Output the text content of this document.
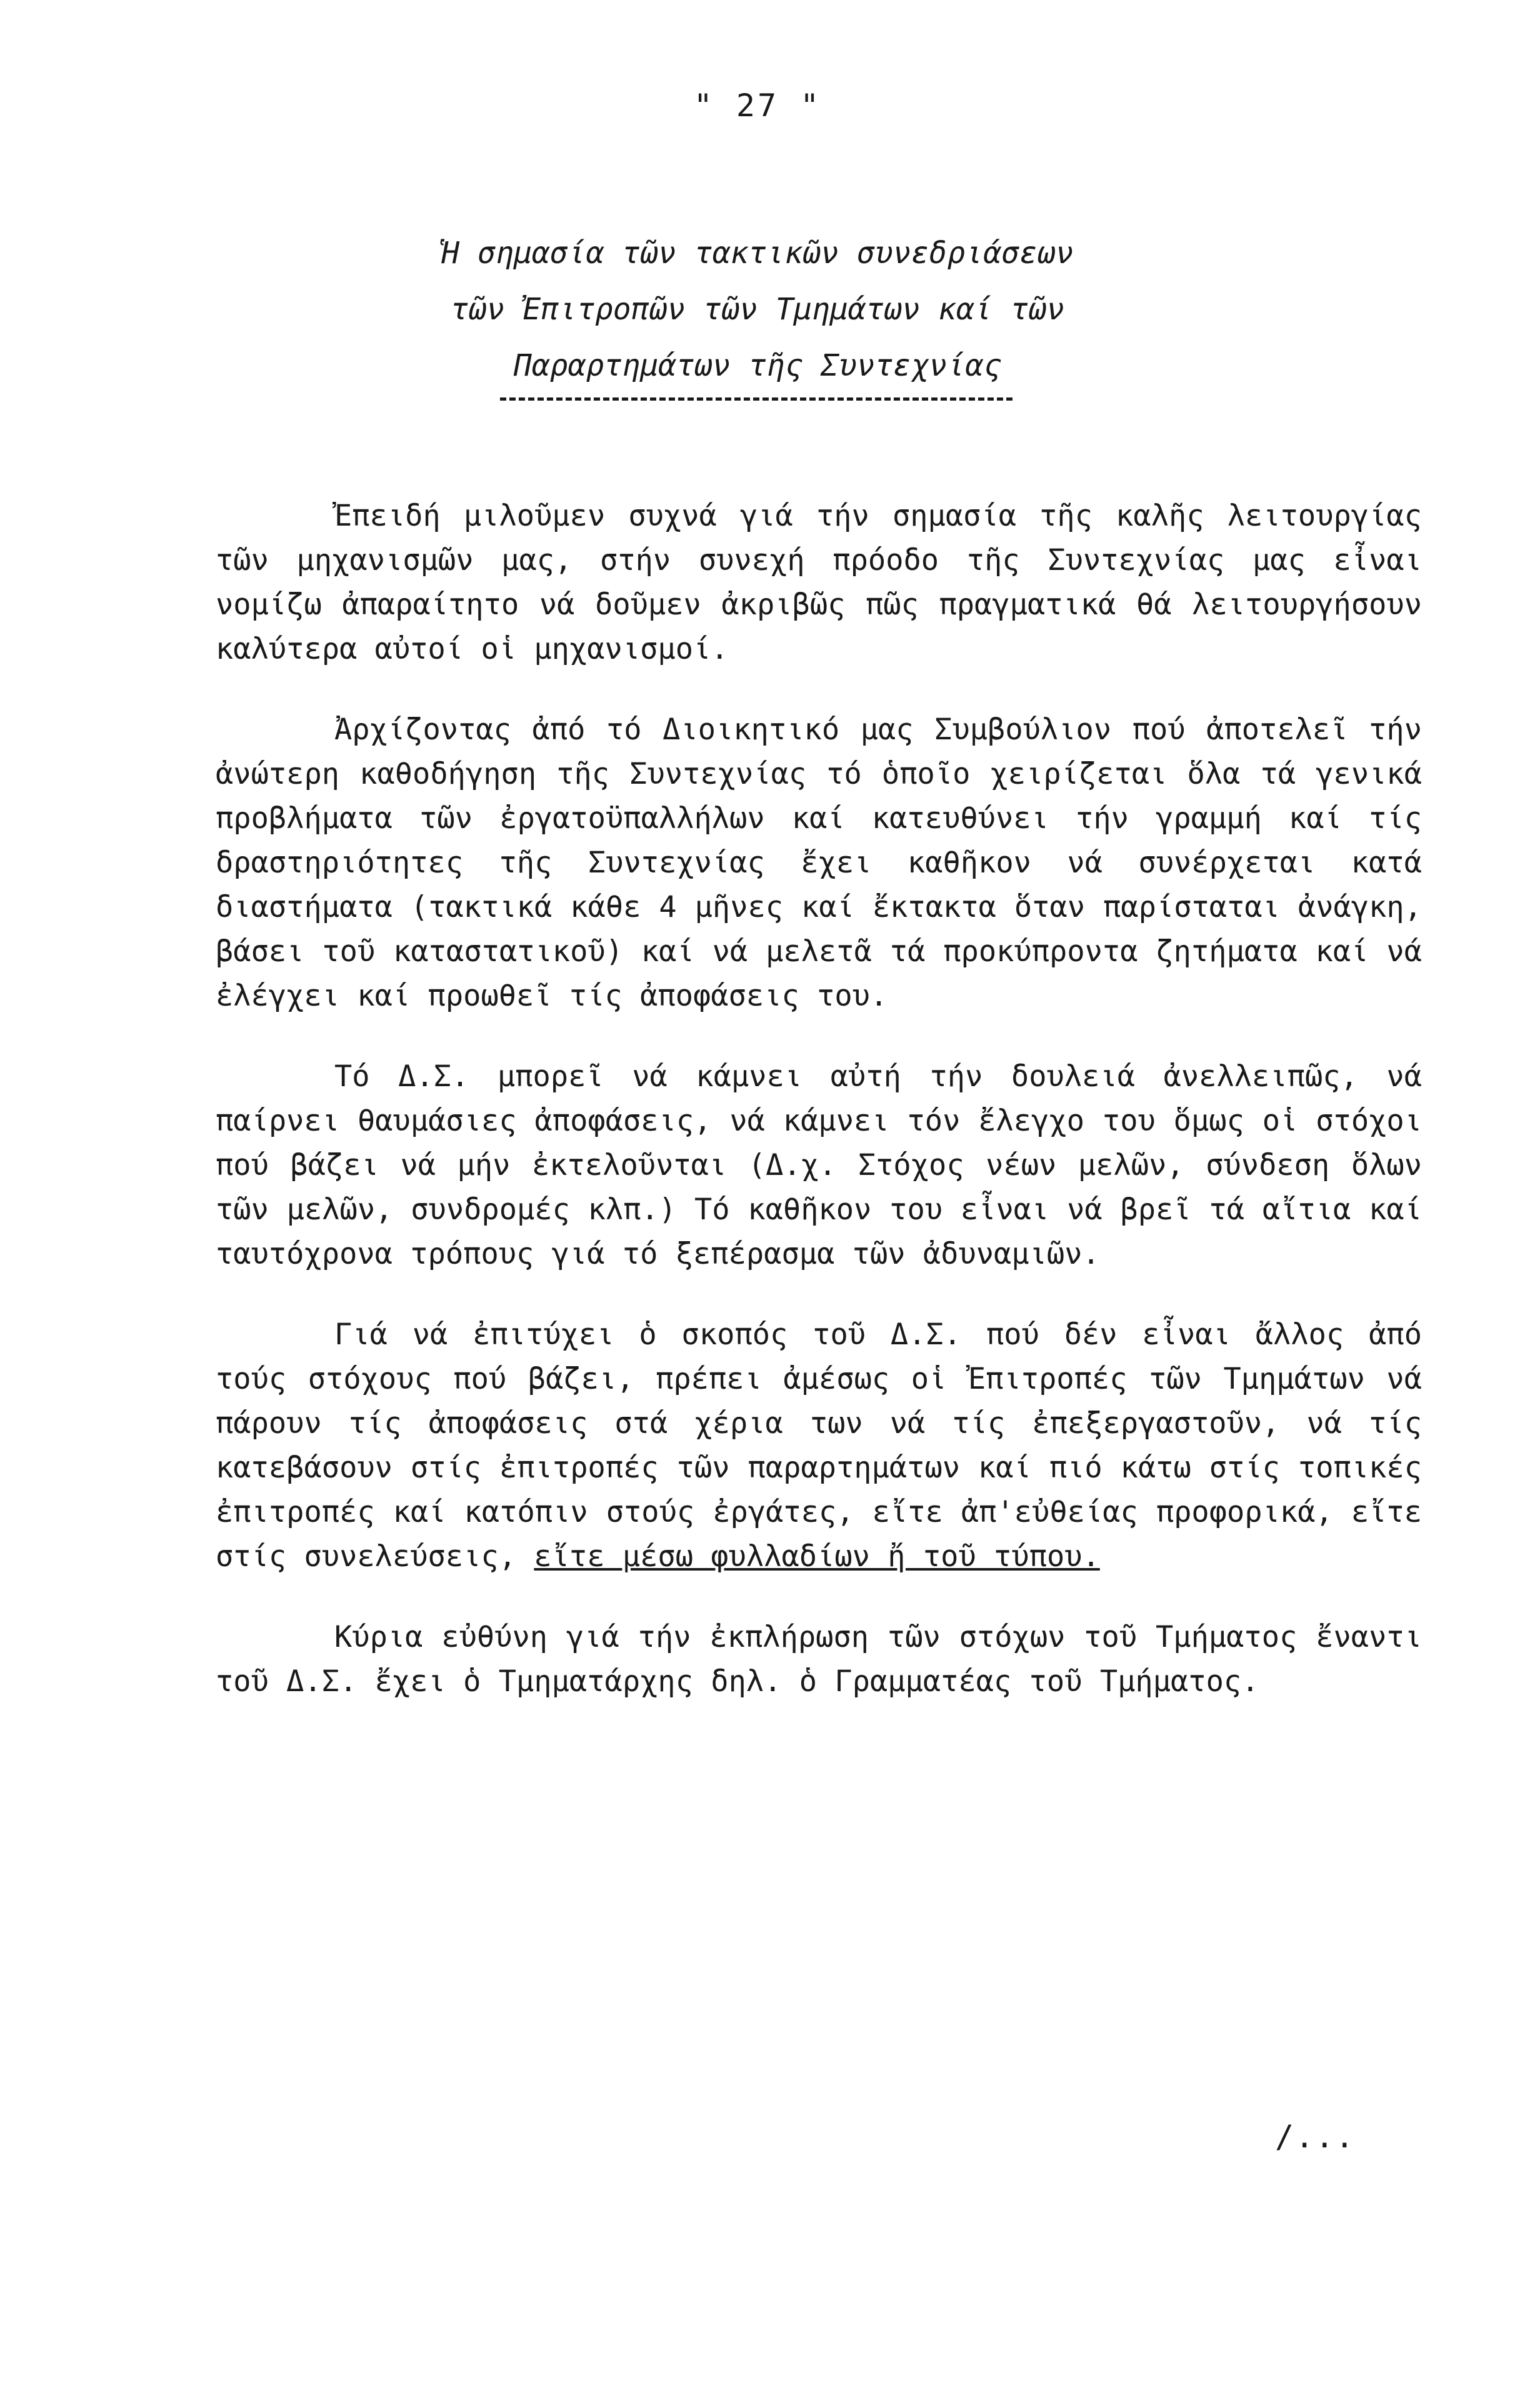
" 27 "
Ἡ σημασία τῶν τακτικῶν συνεδριάσεων
τῶν Ἐπιτροπῶν τῶν Τμημάτων καί τῶν
Παραρτημάτων τῆς Συντεχνίας

Ἐπειδή μιλοῦμεν συχνά γιά τήν σημασία τῆς καλῆς λειτουργίας τῶν μηχανισμῶν μας, στήν συνεχή πρόοδο τῆς Συντεχνίας μας εἶναι νομίζω ἀπαραίτητο νά δοῦμεν ἀκριβῶς πῶς πραγματικά θά λειτουργήσουν καλύτερα αὐτοί οἱ μηχανισμοί.

Ἀρχίζοντας ἀπό τό Διοικητικό μας Συμβούλιον πού ἀποτελεῖ τήν ἀνώτερη καθοδήγηση τῆς Συντεχνίας τό ὁποῖο χειρίζεται ὅλα τά γενικά προβλήματα τῶν ἐργατοϋπαλλήλων καί κατευθύνει τήν γραμμή καί τίς δραστηριότητες τῆς Συντεχνίας ἔχει καθῆκον νά συνέρχεται κατά διαστήματα (τακτικά κάθε 4 μῆνες καί ἔκτακτα ὅταν παρίσταται ἀνάγκη, βάσει τοῦ καταστατικοῦ) καί νά μελετᾶ τά πρoκύπροντα ζητήματα καί νά ἐλέγχει καί προωθεῖ τίς ἀποφάσεις του.

Τό Δ.Σ. μπορεῖ νά κάμνει αὐτή τήν δουλειά ἀνελλειπῶς, νά παίρνει θαυμάσιες ἀποφάσεις, νά κάμνει τόν ἔλεγχο του ὅμως οἱ στόχοι πού βάζει νά μήν ἐκτελοῦνται (Δ.χ. Στόχος νέων μελῶν, σύνδεση ὅλων τῶν μελῶν, συνδρομές κλπ.) Τό καθῆκον του εἶναι νά βρεῖ τά αἴτια καί ταυτόχρονα τρόπους γιά τό ξεπέρασμα τῶν ἀδυναμιῶν.

Γιά νά ἐπιτύχει ὁ σκοπός τοῦ Δ.Σ. πού δέν εἶναι ἄλλος ἀπό τούς στόχους πού βάζει, πρέπει ἀμέσως οἱ Ἐπιτροπές τῶν Τμημάτων νά πάρουν τίς ἀποφάσεις στά χέρια των νά τίς ἐπεξεργαστοῦν, νά τίς κατεβάσουν στίς ἐπιτροπές τῶν παραρτημάτων καί πιό κάτω στίς τοπικές ἐπιτροπές καί κατόπιν στούς ἐργάτες, εἴτε ἀπ'εὐθείας προφορικά, εἴτε στίς συνελεύσεις, εἴτε μέσω φυλλαδίων ἤ τοῦ τύπου.

Κύρια εὐθύνη γιά τήν ἐκπλήρωση τῶν στόχων τοῦ Τμήματος ἔναντι τοῦ Δ.Σ. ἔχει ὁ Τμηματάρχης δηλ. ὁ Γραμματέας τοῦ Τμήματος.

/...
